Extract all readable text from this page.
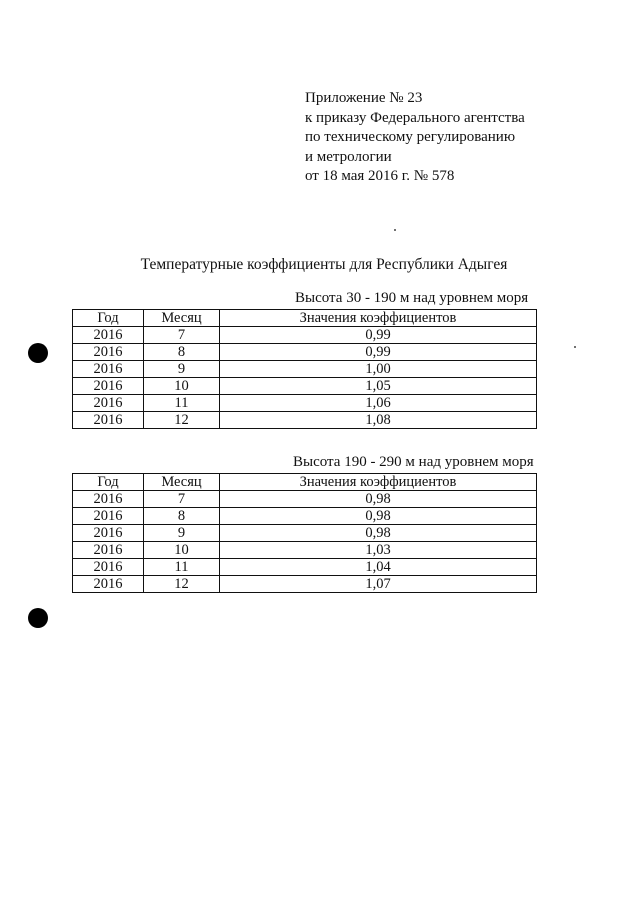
Приложение № 23
к приказу Федерального агентства
по техническому регулированию
и метрологии
от 18 мая 2016 г. № 578
Температурные коэффициенты для Республики Адыгея
Высота 30 - 190 м над уровнем моря
Год	Месяц	Значения коэффициентов
2016	7	0,99
2016	8	0,99
2016	9	1,00
2016	10	1,05
2016	11	1,06
2016	12	1,08
Высота 190 - 290 м над уровнем моря
Год	Месяц	Значения коэффициентов
2016	7	0,98
2016	8	0,98
2016	9	0,98
2016	10	1,03
2016	11	1,04
2016	12	1,07
